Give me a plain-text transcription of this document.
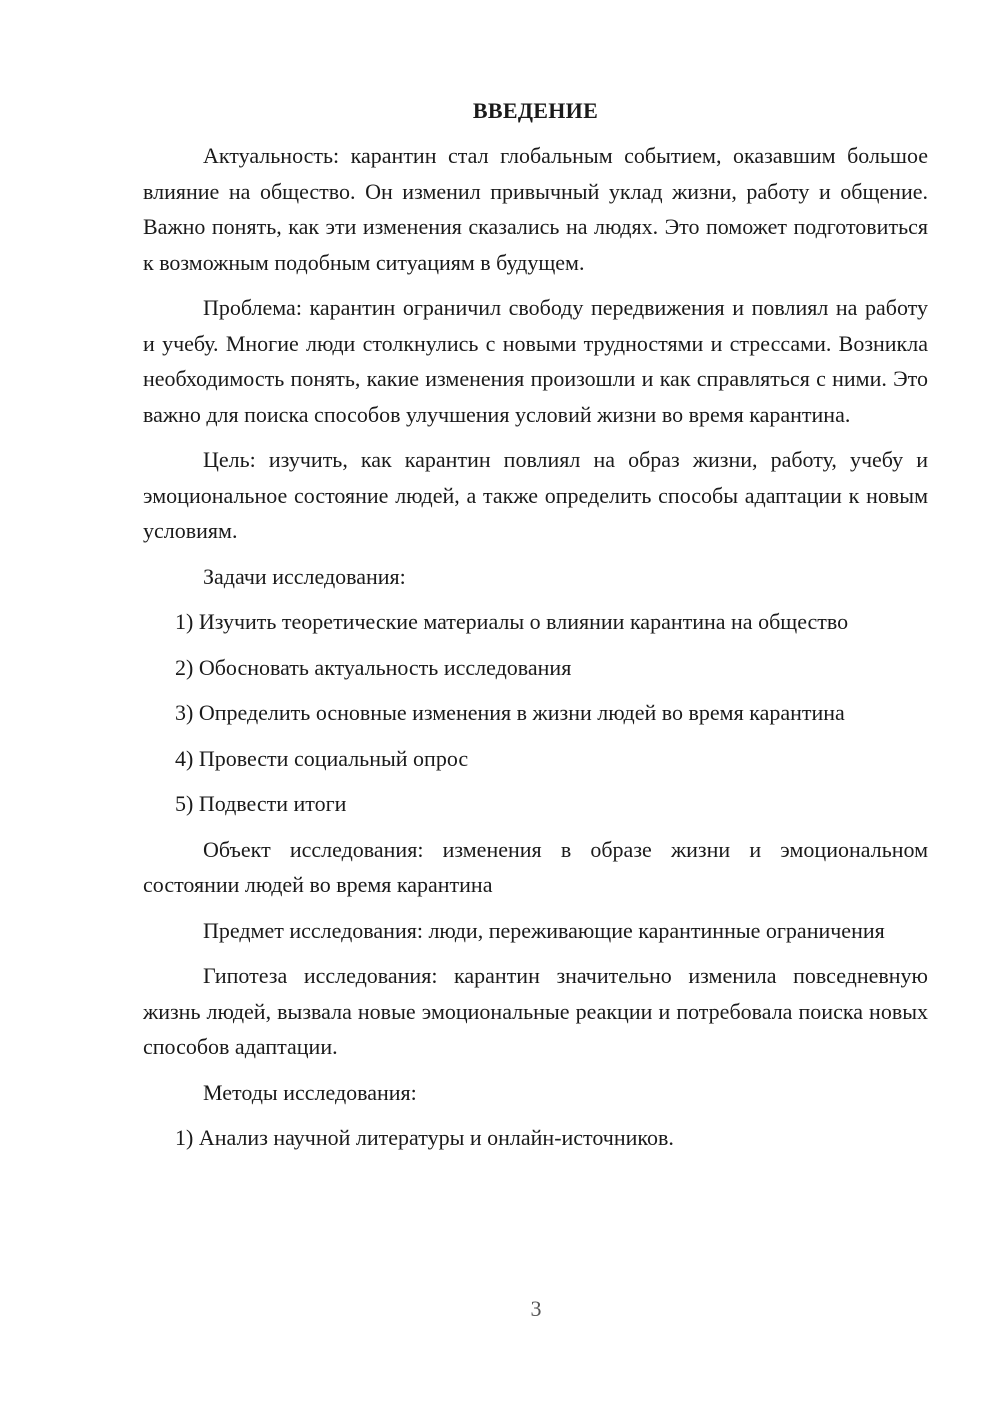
ВВЕДЕНИЕ

Актуальность: карантин стал глобальным событием, оказавшим большое влияние на общество. Он изменил привычный уклад жизни, работу и общение. Важно понять, как эти изменения сказались на людях. Это поможет подготовиться к возможным подобным ситуациям в будущем.

Проблема: карантин ограничил свободу передвижения и повлиял на работу и учебу. Многие люди столкнулись с новыми трудностями и стрессами. Возникла необходимость понять, какие изменения произошли и как справляться с ними. Это важно для поиска способов улучшения условий жизни во время карантина.

Цель: изучить, как карантин повлиял на образ жизни, работу, учебу и эмоциональное состояние людей, а также определить способы адаптации к новым условиям.

Задачи исследования:

1) Изучить теоретические материалы о влиянии карантина на общество

2) Обосновать актуальность исследования

3) Определить основные изменения в жизни людей во время карантина

4) Провести социальный опрос

5) Подвести итоги

Объект исследования: изменения в образе жизни и эмоциональном состоянии людей во время карантина

Предмет исследования: люди, переживающие карантинные ограничения

Гипотеза исследования: карантин значительно изменила повседневную жизнь людей, вызвала новые эмоциональные реакции и потребовала поиска новых способов адаптации.

Методы исследования:

1) Анализ научной литературы и онлайн-источников.

3
